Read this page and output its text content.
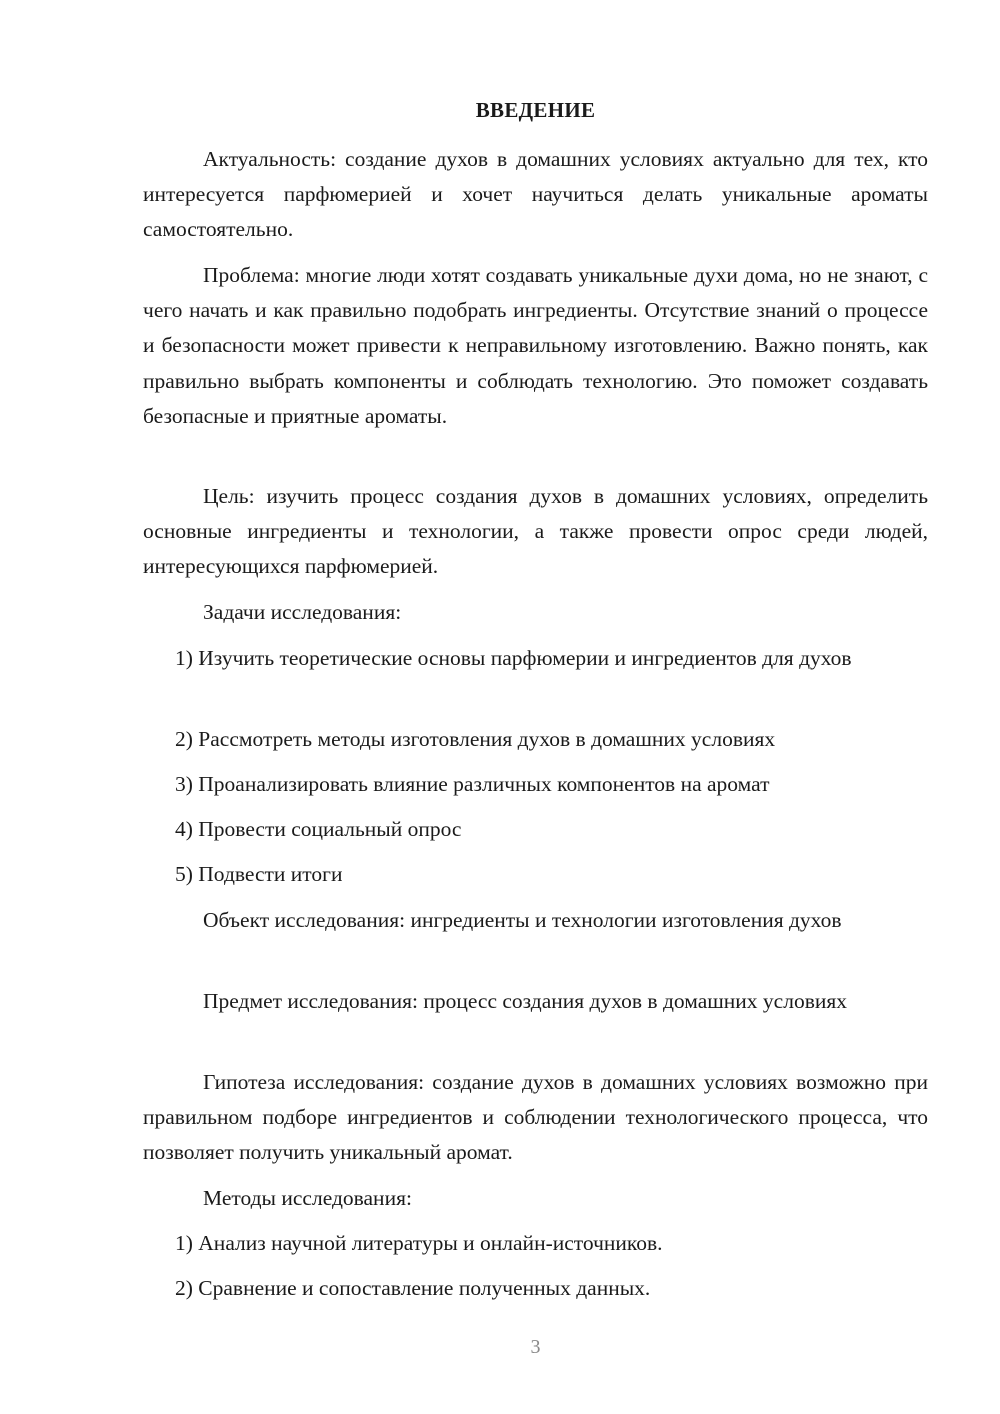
ВВЕДЕНИЕ

Актуальность: создание духов в домашних условиях актуально для тех, кто интересуется парфюмерией и хочет научиться делать уникальные ароматы самостоятельно.

Проблема: многие люди хотят создавать уникальные духи дома, но не знают, с чего начать и как правильно подобрать ингредиенты. Отсутствие знаний о процессе и безопасности может привести к неправильному изготовлению. Важно понять, как правильно выбрать компоненты и соблюдать технологию. Это поможет создавать безопасные и приятные ароматы.

Цель: изучить процесс создания духов в домашних условиях, определить основные ингредиенты и технологии, а также провести опрос среди людей, интересующихся парфюмерией.

Задачи исследования:

1) Изучить теоретические основы парфюмерии и ингредиентов для духов

2) Рассмотреть методы изготовления духов в домашних условиях

3) Проанализировать влияние различных компонентов на аромат

4) Провести социальный опрос

5) Подвести итоги

Объект исследования: ингредиенты и технологии изготовления духов

Предмет исследования: процесс создания духов в домашних условиях

Гипотеза исследования: создание духов в домашних условиях возможно при правильном подборе ингредиентов и соблюдении технологического процесса, что позволяет получить уникальный аромат.

Методы исследования:

1) Анализ научной литературы и онлайн-источников.

2) Сравнение и сопоставление полученных данных.

3
